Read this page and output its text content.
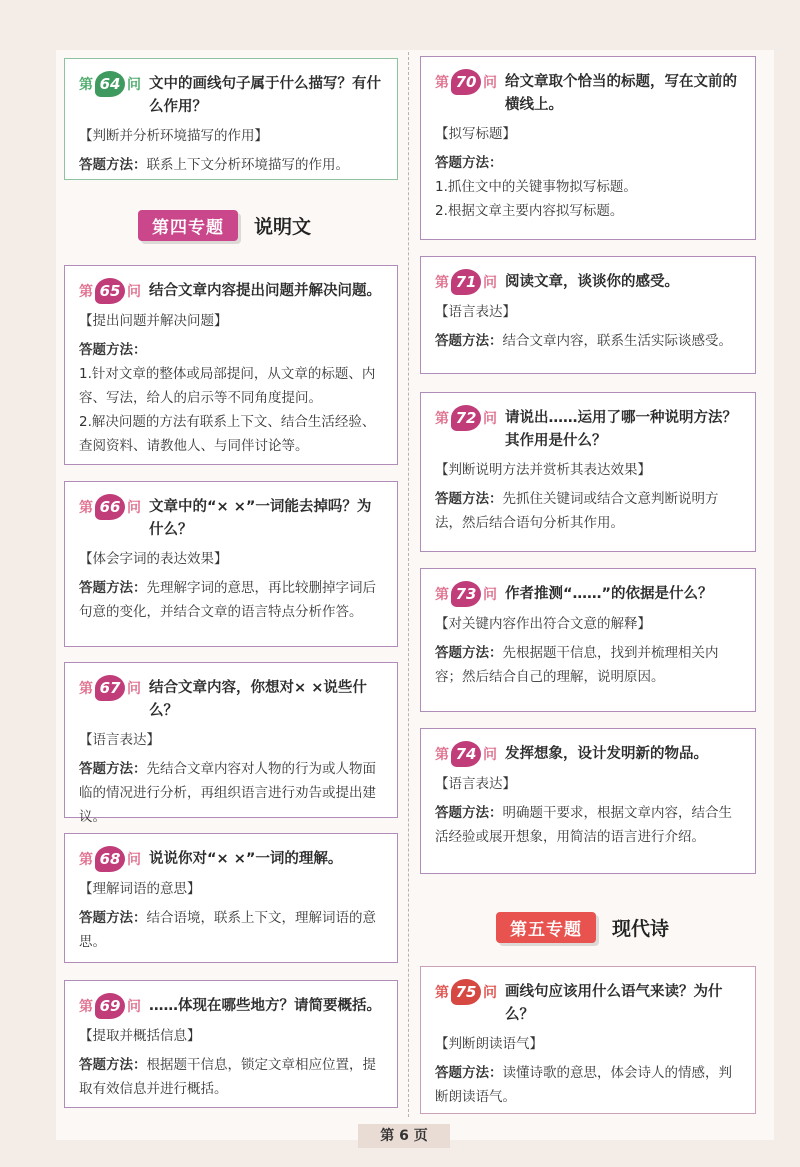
第 64 问 文中的画线句子属于什么描写？有什么作用？
【判断并分析环境描写的作用】
答题方法：联系上下文分析环境描写的作用。
第四专题	说明文
第 65 问 结合文章内容提出问题并解决问题。
【提出问题并解决问题】
答题方法：
1.针对文章的整体或局部提问，从文章的标题、内容、写法，给人的启示等不同角度提问。
2.解决问题的方法有联系上下文、结合生活经验、查阅资料、请教他人、与同伴讨论等。
第 66 问 文章中的“× ×”一词能去掉吗？为什么？
【体会字词的表达效果】
答题方法：先理解字词的意思，再比较删掉字词后句意的变化，并结合文章的语言特点分析作答。
第 67 问 结合文章内容，你想对× ×说些什么？
【语言表达】
答题方法：先结合文章内容对人物的行为或人物面临的情况进行分析，再组织语言进行劝告或提出建议。
第 68 问 说说你对“× ×”一词的理解。
【理解词语的意思】
答题方法：结合语境，联系上下文，理解词语的意思。
第 69 问 ……体现在哪些地方？请简要概括。
【提取并概括信息】
答题方法：根据题干信息，锁定文章相应位置，提取有效信息并进行概括。
第 70 问 给文章取个恰当的标题，写在文前的横线上。
【拟写标题】
答题方法：
1.抓住文中的关键事物拟写标题。
2.根据文章主要内容拟写标题。
第 71 问 阅读文章，谈谈你的感受。
【语言表达】
答题方法：结合文章内容，联系生活实际谈感受。
第 72 问 请说出……运用了哪一种说明方法？其作用是什么？
【判断说明方法并赏析其表达效果】
答题方法：先抓住关键词或结合文意判断说明方法，然后结合语句分析其作用。
第 73 问 作者推测“……”的依据是什么？
【对关键内容作出符合文意的解释】
答题方法：先根据题干信息，找到并梳理相关内容；然后结合自己的理解，说明原因。
第 74 问 发挥想象，设计发明新的物品。
【语言表达】
答题方法：明确题干要求，根据文章内容，结合生活经验或展开想象，用简洁的语言进行介绍。
第五专题	现代诗
第 75 问 画线句应该用什么语气来读？为什么？
【判断朗读语气】
答题方法：读懂诗歌的意思，体会诗人的情感，判断朗读语气。
第 6 页
